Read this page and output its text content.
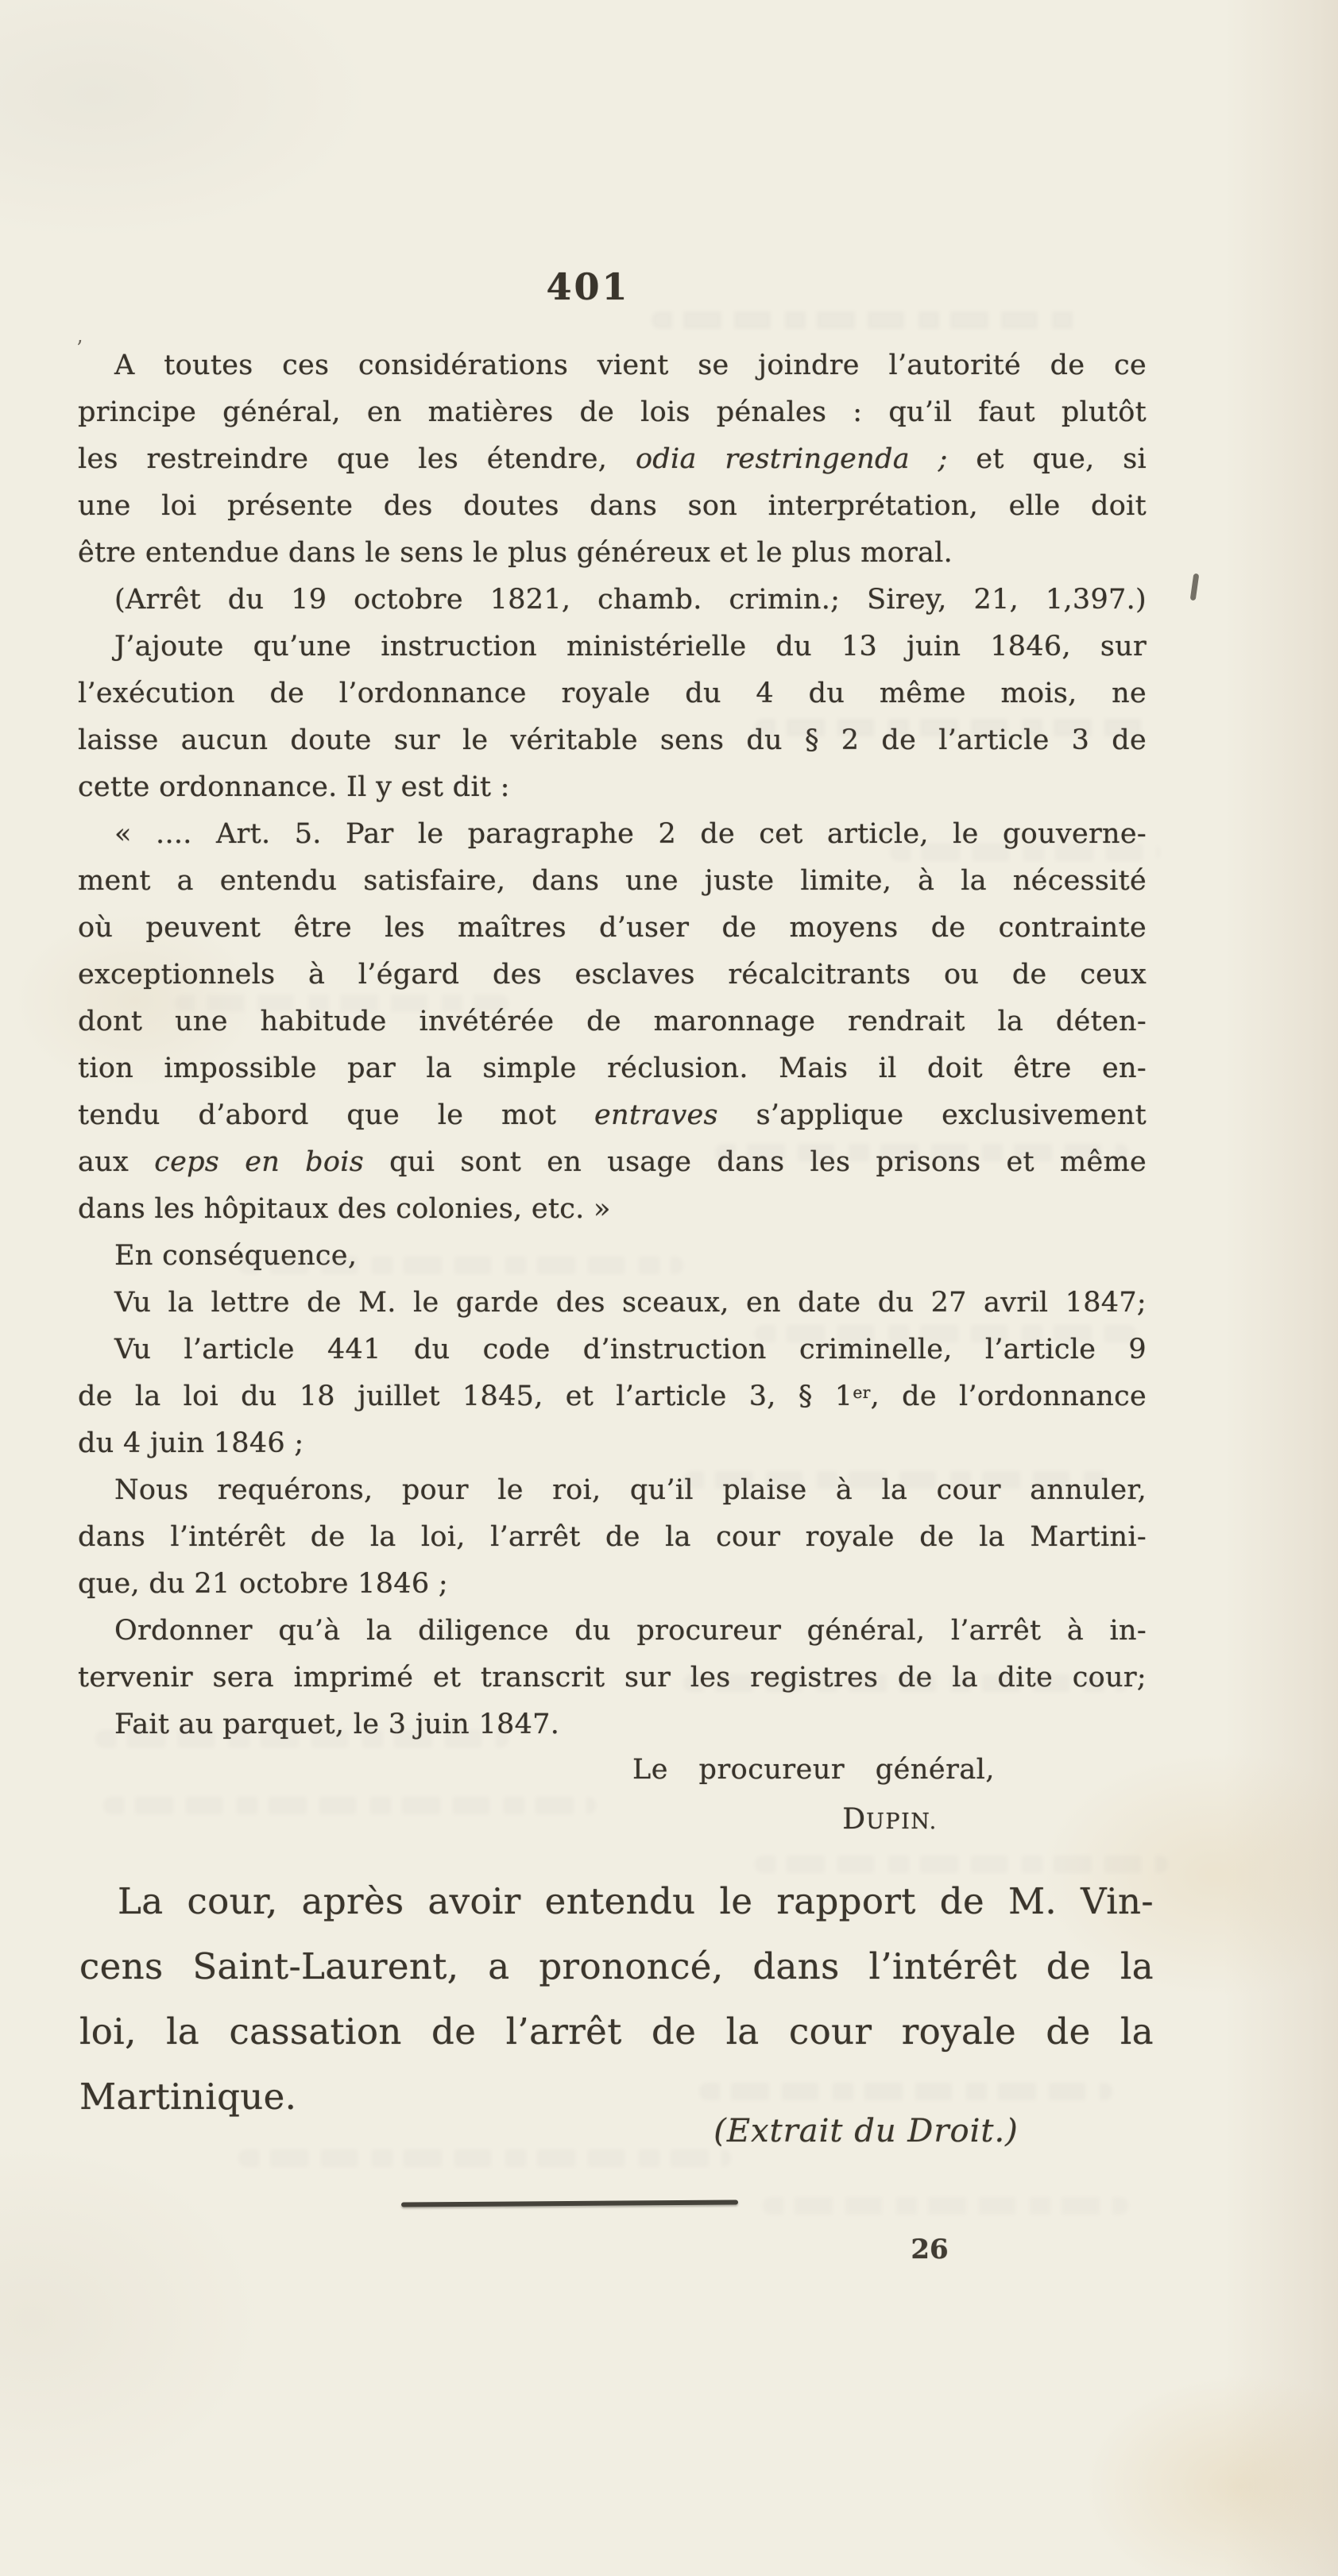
401
’
A toutes ces considérations vient se joindre l’autorité de ce
principe général, en matières de lois pénales : qu’il faut plutôt
les restreindre que les étendre, odia restringenda ; et que, si
une loi présente des doutes dans son interprétation, elle doit
être entendue dans le sens le plus généreux et le plus moral.
(Arrêt du 19 octobre 1821, chamb. crimin.; Sirey, 21, 1,397.)
J’ajoute qu’une instruction ministérielle du 13 juin 1846, sur
l’exécution de l’ordonnance royale du 4 du même mois, ne
laisse aucun doute sur le véritable sens du § 2 de l’article 3 de
cette ordonnance. Il y est dit :
« .... Art. 5. Par le paragraphe 2 de cet article, le gouverne-
ment a entendu satisfaire, dans une juste limite, à la nécessité
où peuvent être les maîtres d’user de moyens de contrainte
exceptionnels à l’égard des esclaves récalcitrants ou de ceux
dont une habitude invétérée de maronnage rendrait la déten-
tion impossible par la simple réclusion. Mais il doit être en-
tendu d’abord que le mot entraves s’applique exclusivement
aux ceps en bois qui sont en usage dans les prisons et même
dans les hôpitaux des colonies, etc. »
En conséquence,
Vu la lettre de M. le garde des sceaux, en date du 27 avril 1847;
Vu l’article 441 du code d’instruction criminelle, l’article 9
de la loi du 18 juillet 1845, et l’article 3, § 1er, de l’ordonnance
du 4 juin 1846 ;
Nous requérons, pour le roi, qu’il plaise à la cour annuler,
dans l’intérêt de la loi, l’arrêt de la cour royale de la Martini-
que, du 21 octobre 1846 ;
Ordonner qu’à la diligence du procureur général, l’arrêt à in-
tervenir sera imprimé et transcrit sur les registres de la dite cour;
Fait au parquet, le 3 juin 1847.
Le procureur général,
DUPIN.
La cour, après avoir entendu le rapport de M. Vin-
cens Saint-Laurent, a prononcé, dans l’intérêt de la
loi, la cassation de l’arrêt de la cour royale de la
Martinique.
(Extrait du Droit.)
26
